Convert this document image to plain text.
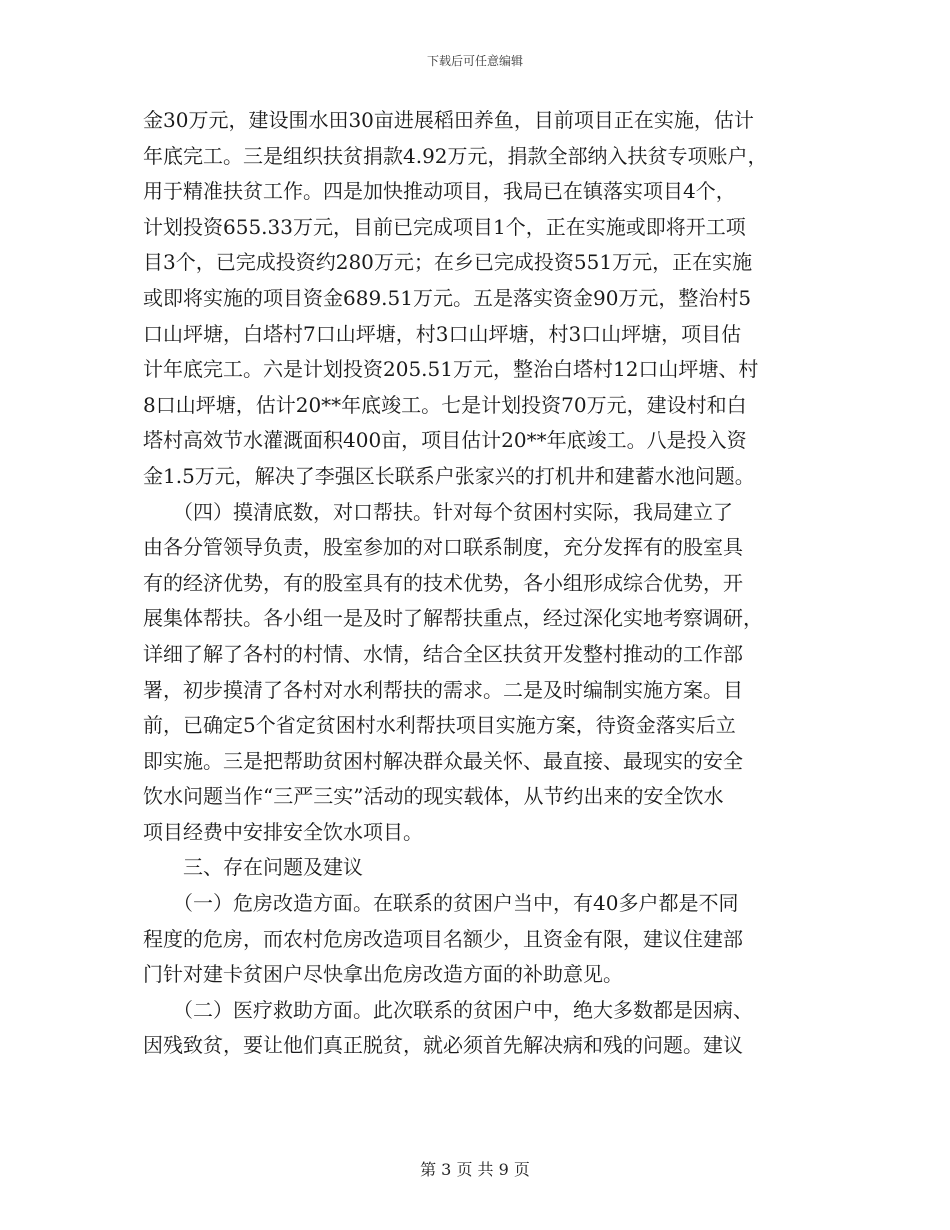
下载后可任意编辑
金30万元，建设围水田30亩进展稻田养鱼，目前项目正在实施，估计
年底完工。三是组织扶贫捐款4.92万元，捐款全部纳入扶贫专项账户，
用于精准扶贫工作。四是加快推动项目，我局已在镇落实项目4个，
计划投资655.33万元，目前已完成项目1个，正在实施或即将开工项
目3个，已完成投资约280万元；在乡已完成投资551万元，正在实施
或即将实施的项目资金689.51万元。五是落实资金90万元，整治村5
口山坪塘，白塔村7口山坪塘，村3口山坪塘，村3口山坪塘，项目估
计年底完工。六是计划投资205.51万元，整治白塔村12口山坪塘、村
8口山坪塘，估计20**年底竣工。七是计划投资70万元，建设村和白
塔村高效节水灌溉面积400亩，项目估计20**年底竣工。八是投入资
金1.5万元，解决了李强区长联系户张家兴的打机井和建蓄水池问题。
　　（四）摸清底数，对口帮扶。针对每个贫困村实际，我局建立了
由各分管领导负责，股室参加的对口联系制度，充分发挥有的股室具
有的经济优势，有的股室具有的技术优势，各小组形成综合优势，开
展集体帮扶。各小组一是及时了解帮扶重点，经过深化实地考察调研，
详细了解了各村的村情、水情，结合全区扶贫开发整村推动的工作部
署，初步摸清了各村对水利帮扶的需求。二是及时编制实施方案。目
前，已确定5个省定贫困村水利帮扶项目实施方案，待资金落实后立
即实施。三是把帮助贫困村解决群众最关怀、最直接、最现实的安全
饮水问题当作“三严三实”活动的现实载体，从节约出来的安全饮水
项目经费中安排安全饮水项目。
　　三、存在问题及建议
　　（一）危房改造方面。在联系的贫困户当中，有40多户都是不同
程度的危房，而农村危房改造项目名额少，且资金有限，建议住建部
门针对建卡贫困户尽快拿出危房改造方面的补助意见。
　　（二）医疗救助方面。此次联系的贫困户中，绝大多数都是因病、
因残致贫，要让他们真正脱贫，就必须首先解决病和残的问题。建议
第 3 页 共 9 页
